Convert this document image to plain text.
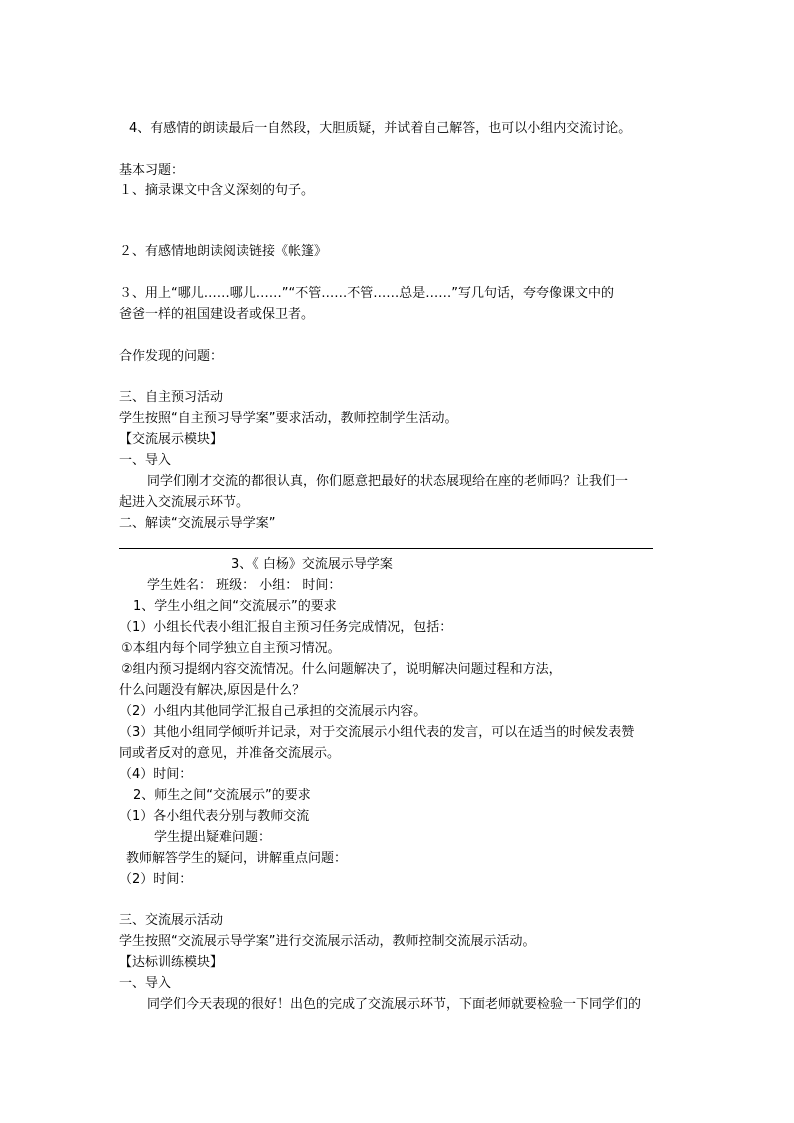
4、有感情的朗读最后一自然段，大胆质疑，并试着自己解答，也可以小组内交流讨论。
基本习题：
１、摘录课文中含义深刻的句子。
２、有感情地朗读阅读链接《帐篷》
３、用上“哪儿……哪儿……”“不管……不管……总是……”写几句话，夸夸像课文中的
爸爸一样的祖国建设者或保卫者。
合作发现的问题：
三、自主预习活动
学生按照“自主预习导学案”要求活动，教师控制学生活动。
【交流展示模块】
一、导入
同学们刚才交流的都很认真，你们愿意把最好的状态展现给在座的老师吗？让我们一
起进入交流展示环节。
二、解读“交流展示导学案”
3、《 白杨》交流展示导学案
学生姓名： 班级： 小组： 时间：
1、学生小组之间“交流展示”的要求
（1）小组长代表小组汇报自主预习任务完成情况，包括：
①本组内每个同学独立自主预习情况。
②组内预习提纲内容交流情况。什么问题解决了，说明解决问题过程和方法，
什么问题没有解决,原因是什么？
（2）小组内其他同学汇报自己承担的交流展示内容。
（3）其他小组同学倾听并记录，对于交流展示小组代表的发言，可以在适当的时候发表赞
同或者反对的意见，并准备交流展示。
（4）时间：
2、师生之间“交流展示”的要求
（1）各小组代表分别与教师交流
学生提出疑难问题：
教师解答学生的疑问，讲解重点问题：
（2）时间：
三、交流展示活动
学生按照“交流展示导学案”进行交流展示活动，教师控制交流展示活动。
【达标训练模块】
一、导入
同学们今天表现的很好！出色的完成了交流展示环节，下面老师就要检验一下同学们的
